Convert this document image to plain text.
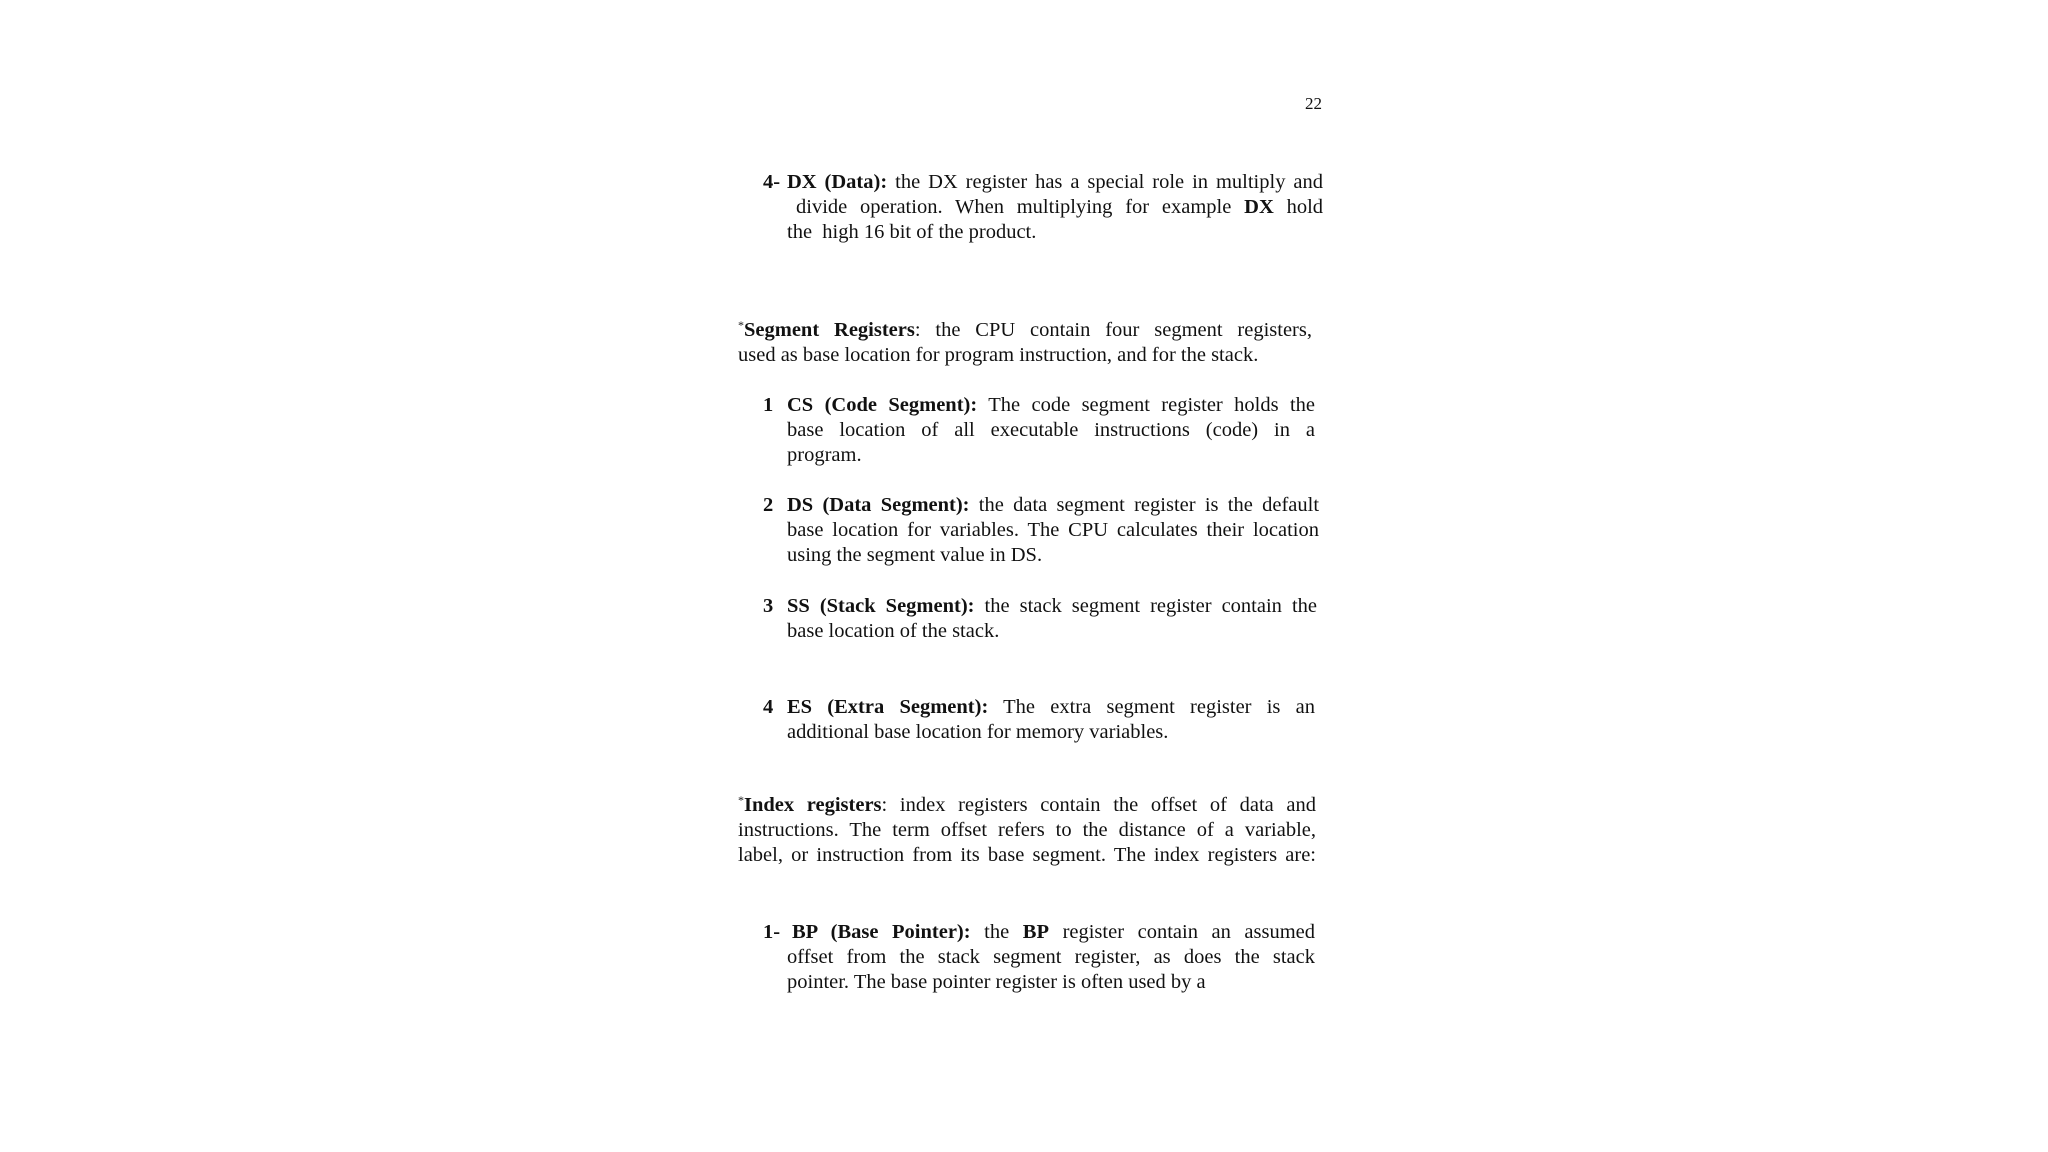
22
4- DX (Data): the DX register has a special role in multiply and
divide operation. When multiplying for example DX hold
the  high 16 bit of the product.
*Segment Registers: the CPU contain four segment registers,
used as base location for program instruction, and for the stack.
1 CS (Code Segment): The code segment register holds the
base location of all executable instructions (code) in a
program.
2 DS (Data Segment): the data segment register is the default
base location for variables. The CPU calculates their location
using the segment value in DS.
3 SS (Stack Segment): the stack segment register contain the
base location of the stack.
4 ES (Extra Segment): The extra segment register is an
additional base location for memory variables.
*Index registers: index registers contain the offset of data and
instructions. The term offset refers to the distance of a variable,
label, or instruction from its base segment. The index registers are:
1- BP (Base Pointer): the BP register contain an assumed
offset from the stack segment register, as does the stack
pointer. The base pointer register is often used by a
